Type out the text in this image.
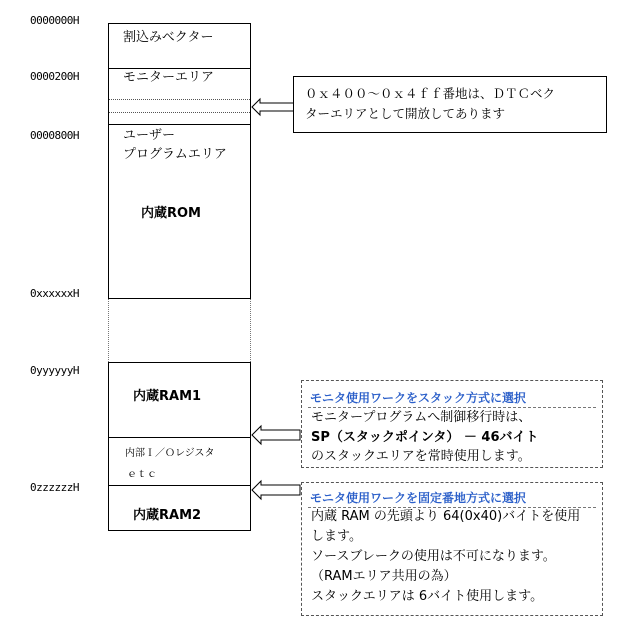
0000000H
0000200H
0000800H
0xxxxxxH
0yyyyyyH
0zzzzzzH
割込みベクター
モニターエリア
ユーザー
プログラムエリア
内蔵ROM
内蔵RAM1
内部Ｉ／Ｏレジスタ
ｅｔｃ
内蔵RAM2
０ｘ４００～０ｘ４ｆｆ番地は、ＤＴＣベク
ターエリアとして開放してあります
モニタ使用ワークをスタック方式に選択
モニタープログラムへ制御移行時は、
SP（スタックポインタ） － 46バイト
のスタックエリアを常時使用します。
モニタ使用ワークを固定番地方式に選択
内蔵 RAM の先頭より 64(0x40)バイトを使用
します。
ソースブレークの使用は不可になります。
（RAMエリア共用の為）
スタックエリアは 6バイト使用します。
